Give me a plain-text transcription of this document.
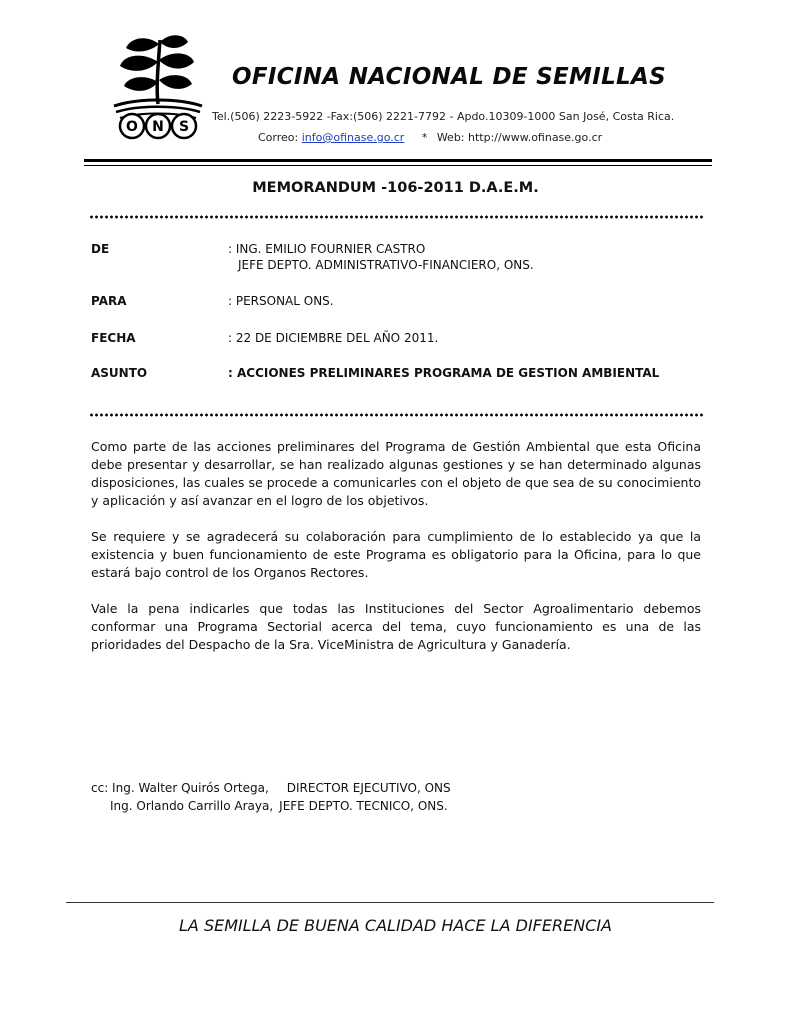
O N S
OFICINA NACIONAL DE SEMILLAS
Tel.(506) 2223-5922 -Fax:(506) 2221-7792 - Apdo.10309-1000 San José, Costa Rica.
Correo: info@ofinase.go.cr * Web: http://www.ofinase.go.cr
MEMORANDUM -106-2011 D.A.E.M.
DE	: ING. EMILIO FOURNIER CASTRO
JEFE DEPTO. ADMINISTRATIVO-FINANCIERO, ONS.
PARA	: PERSONAL ONS.
FECHA	: 22 DE DICIEMBRE DEL AÑO 2011.
ASUNTO	: ACCIONES PRELIMINARES PROGRAMA DE GESTION AMBIENTAL

Como parte de las acciones preliminares del Programa de Gestión Ambiental que esta Oficina debe presentar y desarrollar, se han realizado algunas gestiones y se han determinado algunas disposiciones, las cuales se procede a comunicarles con el objeto de que sea de su conocimiento y aplicación y así avanzar en el logro de los objetivos.

Se requiere y se agradecerá su colaboración para cumplimiento de lo establecido ya que la existencia y buen funcionamiento de este Programa es obligatorio para la Oficina, para lo que estará bajo control de los Organos Rectores.

Vale la pena indicarles que todas las Instituciones del Sector Agroalimentario debemos conformar una Programa Sectorial acerca del tema, cuyo funcionamiento es una de las prioridades del Despacho de la Sra. ViceMinistra de Agricultura y Ganadería.

cc: Ing. Walter Quirós Ortega, DIRECTOR EJECUTIVO, ONS
Ing. Orlando Carrillo Araya, JEFE DEPTO. TECNICO, ONS.

LA SEMILLA DE BUENA CALIDAD HACE LA DIFERENCIA
